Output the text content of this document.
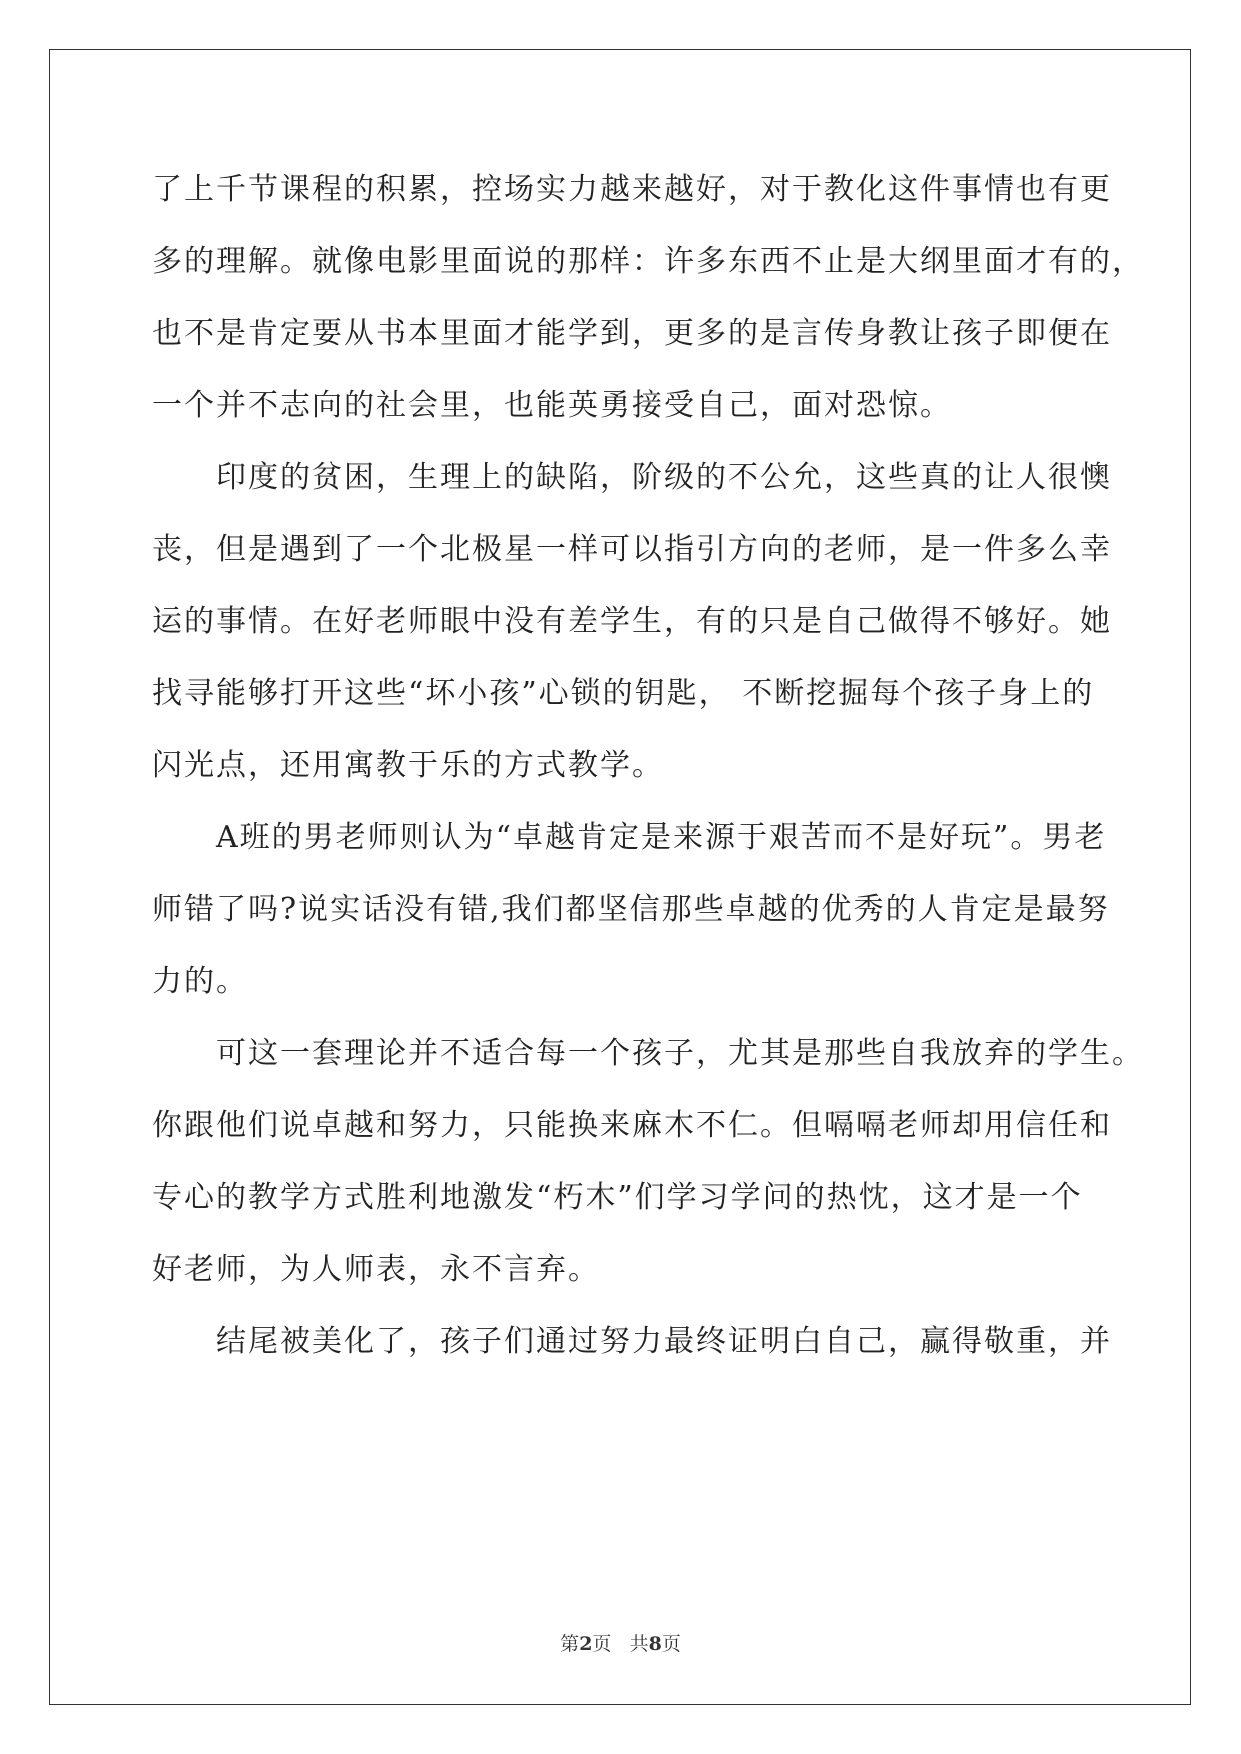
了上千节课程的积累，控场实力越来越好，对于教化这件事情也有更
多的理解。就像电影里面说的那样：许多东西不止是大纲里面才有的，
也不是肯定要从书本里面才能学到，更多的是言传身教让孩子即便在
一个并不志向的社会里，也能英勇接受自己，面对恐惊。
　　印度的贫困，生理上的缺陷，阶级的不公允，这些真的让人很懊
丧，但是遇到了一个北极星一样可以指引方向的老师，是一件多么幸
运的事情。在好老师眼中没有差学生，有的只是自己做得不够好。她
找寻能够打开这些“坏小孩”心锁的钥匙， 不断挖掘每个孩子身上的
闪光点，还用寓教于乐的方式教学。
　　A班的男老师则认为“卓越肯定是来源于艰苦而不是好玩”。男老
师错了吗?说实话没有错,我们都坚信那些卓越的优秀的人肯定是最努
力的。
　　可这一套理论并不适合每一个孩子，尤其是那些自我放弃的学生。
你跟他们说卓越和努力，只能换来麻木不仁。但嗝嗝老师却用信任和
专心的教学方式胜利地激发“朽木”们学习学问的热忱，这才是一个
好老师，为人师表，永不言弃。
　　结尾被美化了，孩子们通过努力最终证明白自己，赢得敬重，并
第2页 共8页
